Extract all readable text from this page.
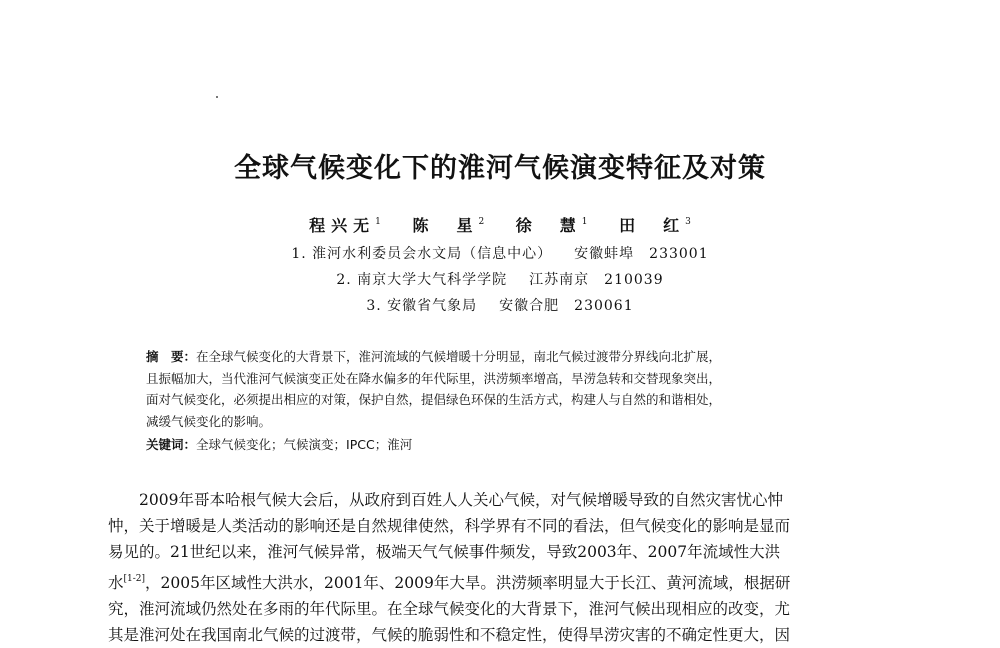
全球气候变化下的淮河气候演变特征及对策
程兴无$^1$ 陈　星$^2$ 徐　慧$^1$ 田　红$^3$
1. 淮河水利委员会水文局（信息中心） 安徽蚌埠　233001
2. 南京大学大气科学学院 江苏南京　210039
3. 安徽省气象局 安徽合肥　230061
摘　要：在全球气候变化的大背景下，淮河流域的气候增暖十分明显，南北气候过渡带分界线向北扩展，
且振幅加大，当代淮河气候演变正处在降水偏多的年代际里，洪涝频率增高，旱涝急转和交替现象突出，
面对气候变化，必须提出相应的对策，保护自然，提倡绿色环保的生活方式，构建人与自然的和谐相处，
减缓气候变化的影响。
关键词：全球气候变化；气候演变；IPCC；淮河
2009年哥本哈根气候大会后，从政府到百姓人人关心气候，对气候增暖导致的自然灾害忧心忡
忡，关于增暖是人类活动的影响还是自然规律使然，科学界有不同的看法，但气候变化的影响是显而
易见的。21世纪以来，淮河气候异常，极端天气气候事件频发，导致2003年、2007年流域性大洪
水[1-2]，2005年区域性大洪水，2001年、2009年大旱。洪涝频率明显大于长江、黄河流域，根据研
究，淮河流域仍然处在多雨的年代际里。在全球气候变化的大背景下，淮河气候出现相应的改变，尤
其是淮河处在我国南北气候的过渡带，气候的脆弱性和不稳定性，使得旱涝灾害的不确定性更大，因
